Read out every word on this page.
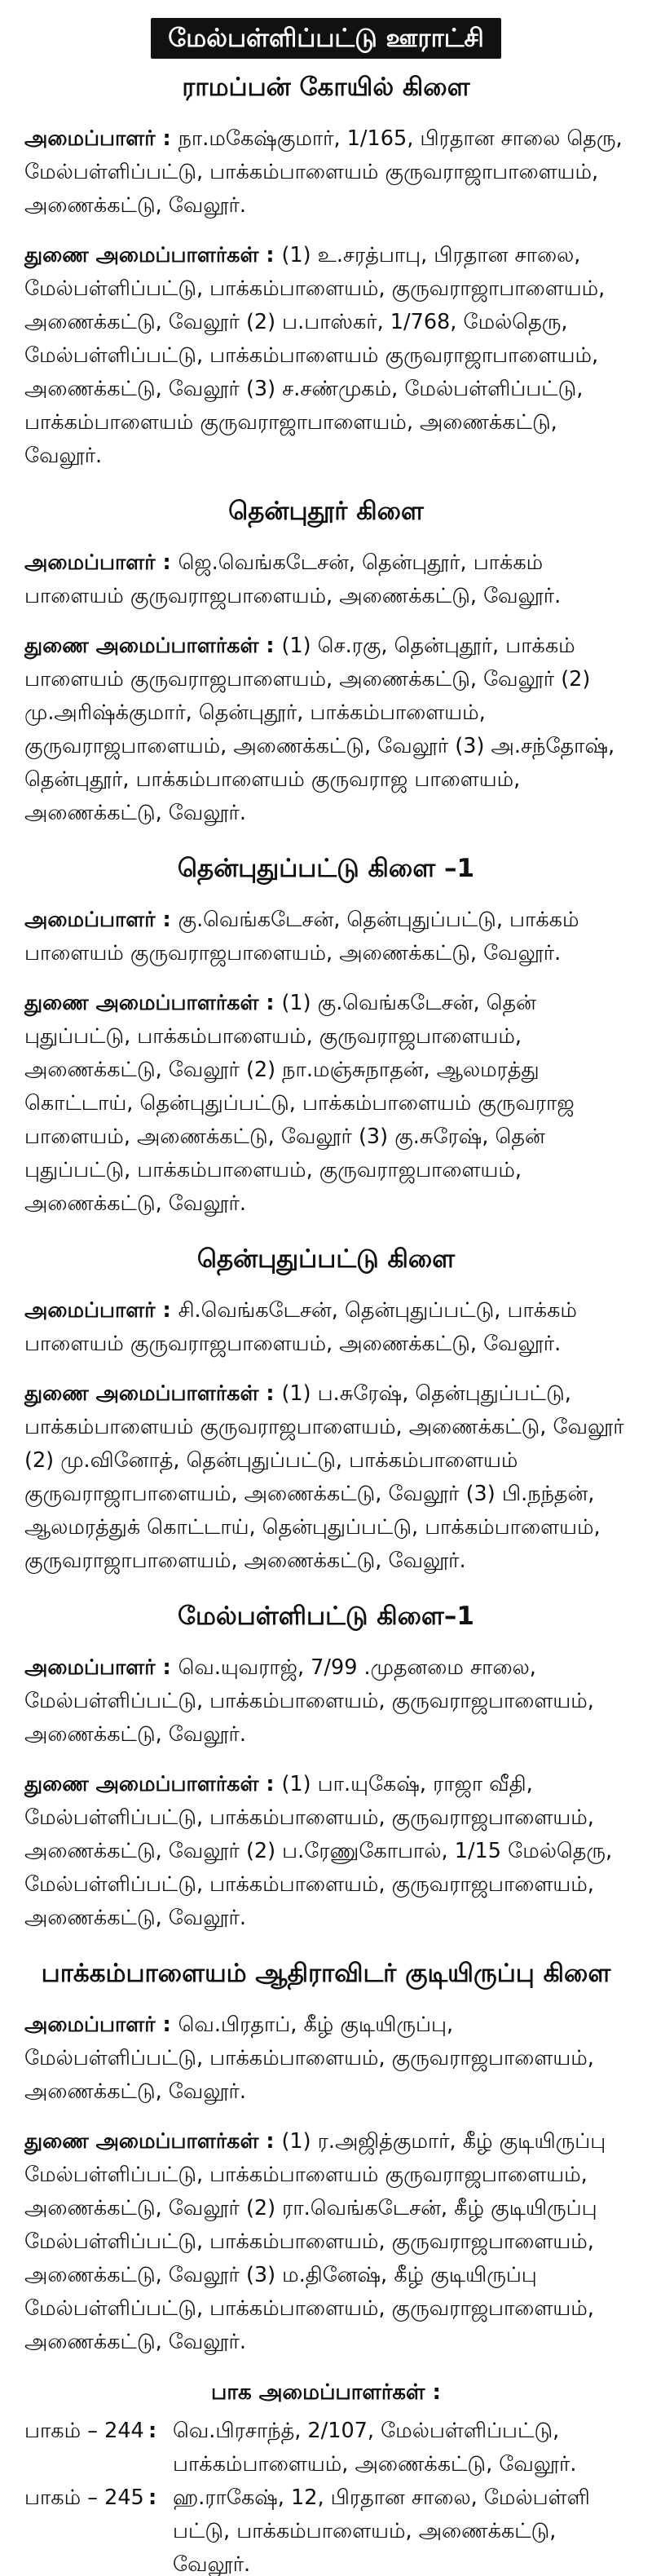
மேல்பள்ளிப்பட்டு ஊராட்சி
ராமப்பன் கோயில் கிளை

அமைப்பாளர் : நா.மகேஷ்குமார், 1/165, பிரதான சாலை தெரு, மேல்பள்ளிப்பட்டு, பாக்கம்பாளையம் குருவராஜாபாளையம், அணைக்கட்டு, வேலூர்.

துணை அமைப்பாளர்கள் : (1) உ.சரத்பாபு, பிரதான சாலை, மேல்பள்ளிப்பட்டு, பாக்கம்பாளையம், குருவராஜாபாளையம், அணைக்கட்டு, வேலூர் (2) ப.பாஸ்கர், 1/768, மேல்தெரு, மேல்பள்ளிப்பட்டு, பாக்கம்பாளையம் குருவராஜாபாளையம், அணைக்கட்டு, வேலூர் (3) ச.சண்முகம், மேல்பள்ளிப்பட்டு, பாக்கம்பாளையம் குருவராஜாபாளையம், அணைக்கட்டு, வேலூர்.

தென்புதூர் கிளை

அமைப்பாளர் : ஜெ.வெங்கடேசன், தென்புதூர், பாக்கம் பாளையம் குருவராஜபாளையம், அணைக்கட்டு, வேலூர்.

துணை அமைப்பாளர்கள் : (1) செ.ரகு, தென்புதூர், பாக்கம் பாளையம் குருவராஜபாளையம், அணைக்கட்டு, வேலூர் (2) மு.அரிஷ்க்குமார், தென்புதூர், பாக்கம்பாளையம், குருவராஜபாளையம், அணைக்கட்டு, வேலூர் (3) அ.சந்தோஷ், தென்புதூர், பாக்கம்பாளையம் குருவராஜ பாளையம், அணைக்கட்டு, வேலூர்.

தென்புதுப்பட்டு கிளை –1

அமைப்பாளர் : கு.வெங்கடேசன், தென்புதுப்பட்டு, பாக்கம் பாளையம் குருவராஜபாளையம், அணைக்கட்டு, வேலூர்.

துணை அமைப்பாளர்கள் : (1) கு.வெங்கடேசன், தென் புதுப்பட்டு, பாக்கம்பாளையம், குருவராஜபாளையம், அணைக்கட்டு, வேலூர் (2) நா.மஞ்சுநாதன், ஆலமரத்து கொட்டாய், தென்புதுப்பட்டு, பாக்கம்பாளையம் குருவராஜ பாளையம், அணைக்கட்டு, வேலூர் (3) கு.சுரேஷ், தென் புதுப்பட்டு, பாக்கம்பாளையம், குருவராஜபாளையம், அணைக்கட்டு, வேலூர்.

தென்புதுப்பட்டு கிளை

அமைப்பாளர் : சி.வெங்கடேசன், தென்புதுப்பட்டு, பாக்கம் பாளையம் குருவராஜபாளையம், அணைக்கட்டு, வேலூர்.

துணை அமைப்பாளர்கள் : (1) ப.சுரேஷ், தென்புதுப்பட்டு, பாக்கம்பாளையம் குருவராஜபாளையம், அணைக்கட்டு, வேலூர் (2) மு.வினோத், தென்புதுப்பட்டு, பாக்கம்பாளையம் குருவராஜாபாளையம், அணைக்கட்டு, வேலூர் (3) பி.நந்தன், ஆலமரத்துக் கொட்டாய், தென்புதுப்பட்டு, பாக்கம்பாளையம், குருவராஜாபாளையம், அணைக்கட்டு, வேலூர்.

மேல்பள்ளிபட்டு கிளை–1

அமைப்பாளர் : வெ.யுவராஜ், 7/99 .முதனமை சாலை, மேல்பள்ளிப்பட்டு, பாக்கம்பாளையம், குருவராஜபாளையம், அணைக்கட்டு, வேலூர்.

துணை அமைப்பாளர்கள் : (1) பா.யுகேஷ், ராஜா வீதி, மேல்பள்ளிப்பட்டு, பாக்கம்பாளையம், குருவராஜபாளையம், அணைக்கட்டு, வேலூர் (2) ப.ரேணுகோபால், 1/15 மேல்தெரு, மேல்பள்ளிப்பட்டு, பாக்கம்பாளையம், குருவராஜபாளையம், அணைக்கட்டு, வேலூர்.

பாக்கம்பாளையம் ஆதிராவிடர் குடியிருப்பு கிளை

அமைப்பாளர் : வெ.பிரதாப், கீழ் குடியிருப்பு, மேல்பள்ளிப்பட்டு, பாக்கம்பாளையம், குருவராஜபாளையம், அணைக்கட்டு, வேலூர்.

துணை அமைப்பாளர்கள் : (1) ர.அஜித்குமார், கீழ் குடியிருப்பு மேல்பள்ளிப்பட்டு, பாக்கம்பாளையம் குருவராஜபாளையம், அணைக்கட்டு, வேலூர் (2) ரா.வெங்கடேசன், கீழ் குடியிருப்பு மேல்பள்ளிப்பட்டு, பாக்கம்பாளையம், குருவராஜபாளையம், அணைக்கட்டு, வேலூர் (3) ம.தினேஷ், கீழ் குடியிருப்பு மேல்பள்ளிப்பட்டு, பாக்கம்பாளையம், குருவராஜபாளையம், அணைக்கட்டு, வேலூர்.

பாக அமைப்பாளர்கள் :
பாகம் – 244	:	வெ.பிரசாந்த், 2/107, மேல்பள்ளிப்பட்டு, பாக்கம்பாளையம், அணைக்கட்டு, வேலூர்.
பாகம் – 245	:	ஹ.ராகேஷ், 12, பிரதான சாலை, மேல்பள்ளி பட்டு, பாக்கம்பாளையம், அணைக்கட்டு, வேலூர்.
